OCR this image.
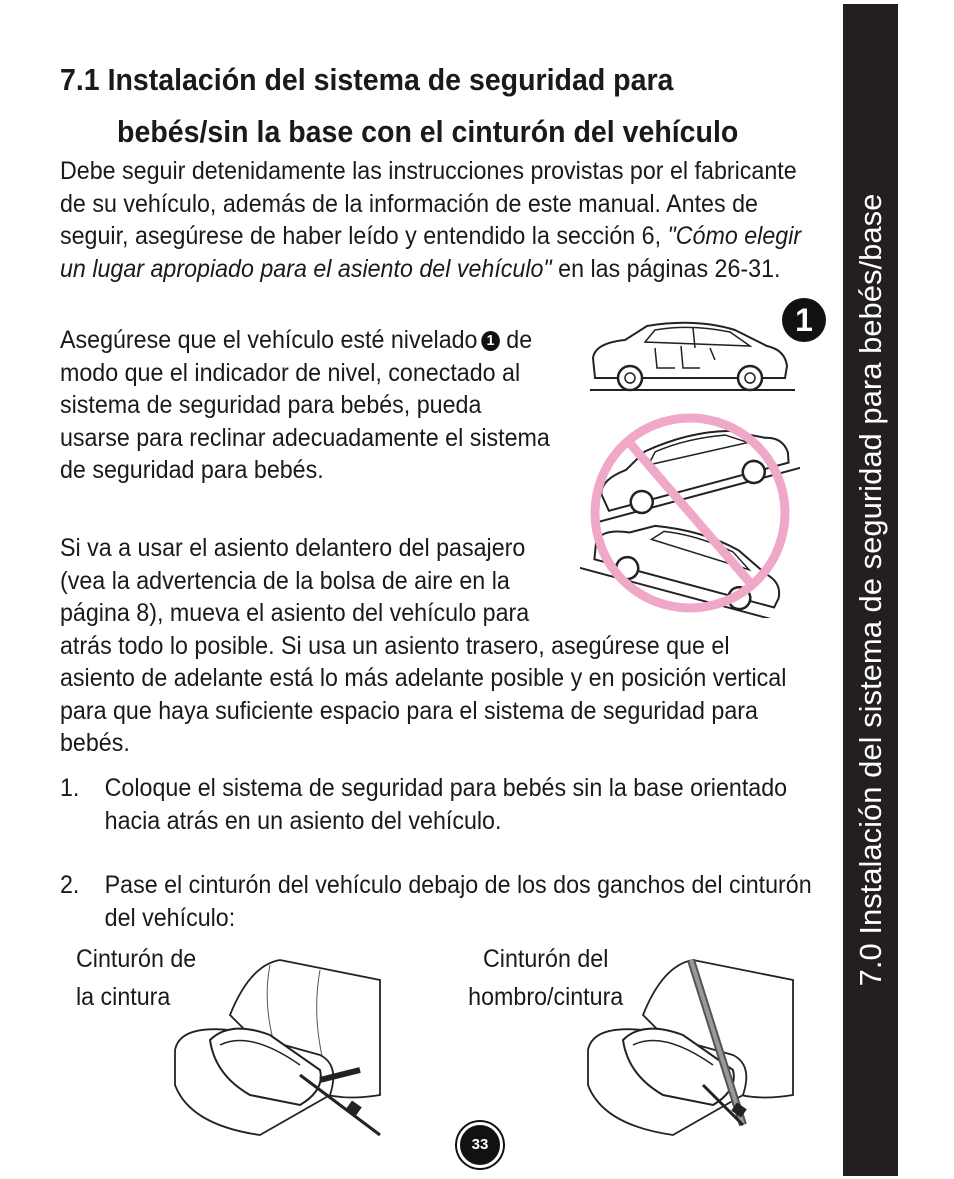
7.0 Instalación del sistema de seguridad para bebés/base
7.1 Instalación del sistema de seguridad para
bebés/sin la base con el cinturón del vehículo

Debe seguir detenidamente las instrucciones provistas por el fabricante de su vehículo, además de la información de este manual. Antes de seguir, asegúrese de haber leído y entendido la sección 6, "Cómo elegir un lugar apropiado para el asiento del vehículo" en las páginas 26-31.

Asegúrese que el vehículo esté nivelado 1 de modo que el indicador de nivel, conectado al sistema de seguridad para bebés, pueda usarse para reclinar adecuadamente el sistema de seguridad para bebés.

Si va a usar el asiento delantero del pasajero (vea la advertencia de la bolsa de aire en la página 8), mueva el asiento del vehículo para atrás todo lo posible. Si usa un asiento trasero, asegúrese que el asiento de adelante está lo más adelante posible y en posición vertical para que haya suficiente espacio para el sistema de seguridad para bebés.

1. Coloque el sistema de seguridad para bebés sin la base orientado hacia atrás en un asiento del vehículo.
2. Pase el cinturón del vehículo debajo de los dos ganchos del cinturón del vehículo:
Cinturón de la cintura
Cinturón del hombro/cintura
1
33
